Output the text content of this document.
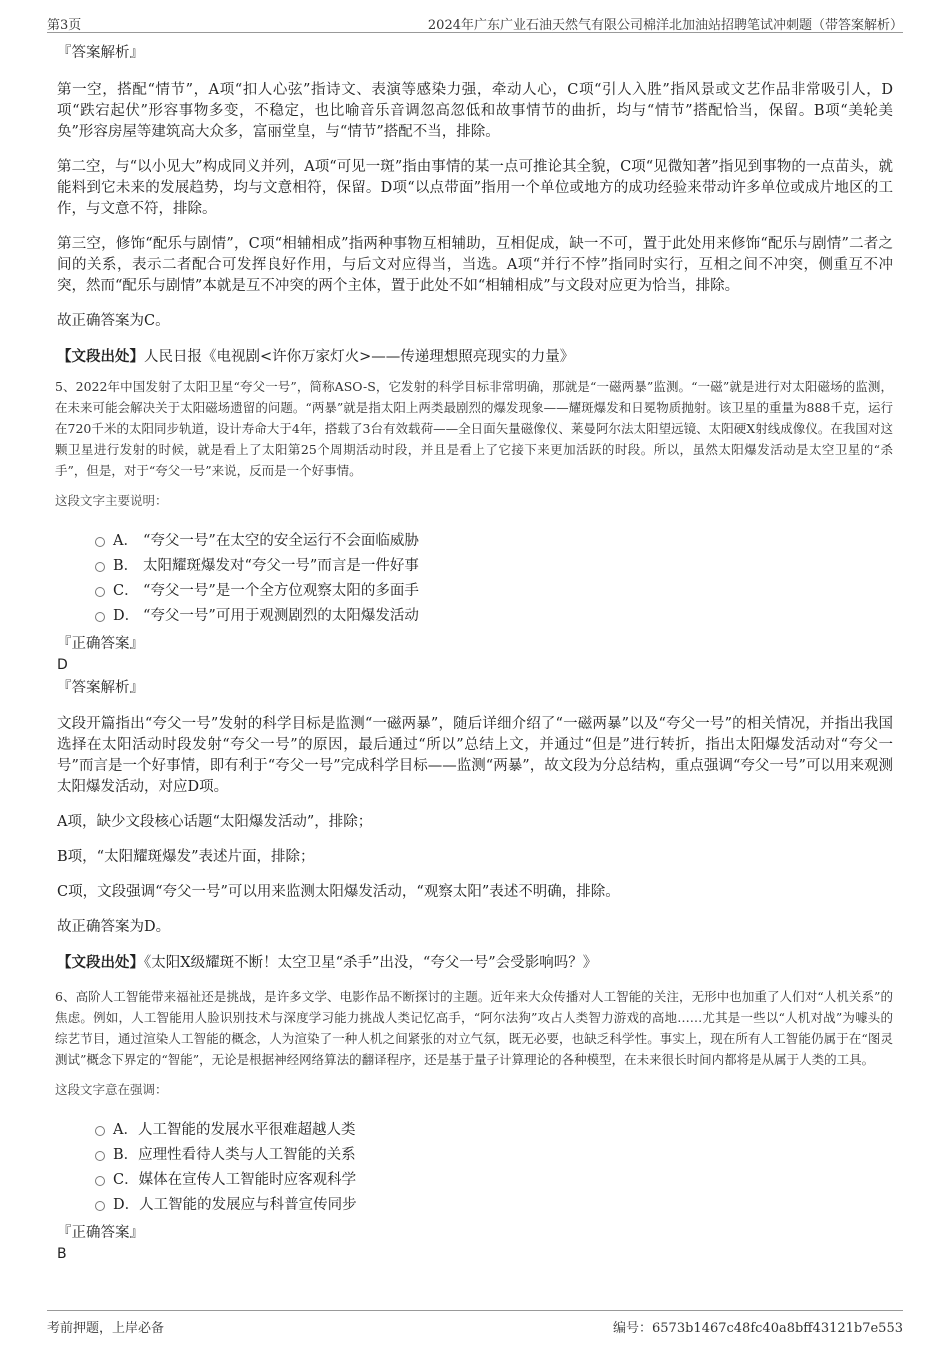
第3页	2024年广东广业石油天然气有限公司棉洋北加油站招聘笔试冲刺题（带答案解析）
『答案解析』

第一空，搭配“情节”，A项“扣人心弦”指诗文、表演等感染力强，牵动人心，C项“引人入胜”指风景或文艺作品非常吸引人，D项“跌宕起伏”形容事物多变，不稳定，也比喻音乐音调忽高忽低和故事情节的曲折，均与“情节”搭配恰当，保留。B项“美轮美奂”形容房屋等建筑高大众多，富丽堂皇，与“情节”搭配不当，排除。

第二空，与“以小见大”构成同义并列，A项“可见一斑”指由事情的某一点可推论其全貌，C项“见微知著”指见到事物的一点苗头，就能料到它未来的发展趋势，均与文意相符，保留。D项“以点带面”指用一个单位或地方的成功经验来带动许多单位或成片地区的工作，与文意不符，排除。

第三空，修饰“配乐与剧情”，C项“相辅相成”指两种事物互相辅助，互相促成，缺一不可，置于此处用来修饰“配乐与剧情”二者之间的关系，表示二者配合可发挥良好作用，与后文对应得当，当选。A项“并行不悖”指同时实行，互相之间不冲突，侧重互不冲突，然而“配乐与剧情”本就是互不冲突的两个主体，置于此处不如“相辅相成”与文段对应更为恰当，排除。

故正确答案为C。

【文段出处】人民日报《电视剧<许你万家灯火>——传递理想照亮现实的力量》

5、2022年中国发射了太阳卫星“夸父一号”，简称ASO-S，它发射的科学目标非常明确，那就是“一磁两暴”监测。“一磁”就是进行对太阳磁场的监测，在未来可能会解决关于太阳磁场遗留的问题。“两暴”就是指太阳上两类最剧烈的爆发现象——耀斑爆发和日冕物质抛射。该卫星的重量为888千克，运行在720千米的太阳同步轨道，设计寿命大于4年，搭载了3台有效载荷——全日面矢量磁像仪、莱曼阿尔法太阳望远镜、太阳硬X射线成像仪。在我国对这颗卫星进行发射的时候，就是看上了太阳第25个周期活动时段，并且是看上了它接下来更加活跃的时段。所以，虽然太阳爆发活动是太空卫星的“杀手”，但是，对于“夸父一号”来说，反而是一个好事情。

这段文字主要说明：
A． “夸父一号”在太空的安全运行不会面临威胁
B． 太阳耀斑爆发对“夸父一号”而言是一件好事
C． “夸父一号”是一个全方位观察太阳的多面手
D． “夸父一号”可用于观测剧烈的太阳爆发活动
『正确答案』
D
『答案解析』

文段开篇指出“夸父一号”发射的科学目标是监测“一磁两暴”，随后详细介绍了“一磁两暴”以及“夸父一号”的相关情况，并指出我国选择在太阳活动时段发射“夸父一号”的原因，最后通过“所以”总结上文，并通过“但是”进行转折，指出太阳爆发活动对“夸父一号”而言是一个好事情，即有利于“夸父一号”完成科学目标——监测“两暴”，故文段为分总结构，重点强调“夸父一号”可以用来观测太阳爆发活动，对应D项。

A项，缺少文段核心话题“太阳爆发活动”，排除；

B项，“太阳耀斑爆发”表述片面，排除；

C项，文段强调“夸父一号”可以用来监测太阳爆发活动，“观察太阳”表述不明确，排除。

故正确答案为D。

【文段出处】《太阳X级耀斑不断！太空卫星“杀手”出没，“夸父一号”会受影响吗？》

6、高阶人工智能带来福祉还是挑战，是许多文学、电影作品不断探讨的主题。近年来大众传播对人工智能的关注，无形中也加重了人们对“人机关系”的焦虑。例如，人工智能用人脸识别技术与深度学习能力挑战人类记忆高手，“阿尔法狗”攻占人类智力游戏的高地……尤其是一些以“人机对战”为噱头的综艺节目，通过渲染人工智能的概念，人为渲染了一种人机之间紧张的对立气氛，既无必要，也缺乏科学性。事实上，现在所有人工智能仍属于在“图灵测试”概念下界定的“智能”，无论是根据神经网络算法的翻译程序，还是基于量子计算理论的各种模型，在未来很长时间内都将是从属于人类的工具。

这段文字意在强调：
A． 人工智能的发展水平很难超越人类
B． 应理性看待人类与人工智能的关系
C． 媒体在宣传人工智能时应客观科学
D． 人工智能的发展应与科普宣传同步
『正确答案』
B
考前押题，上岸必备	编号：6573b1467c48fc40a8bff43121b7e553
